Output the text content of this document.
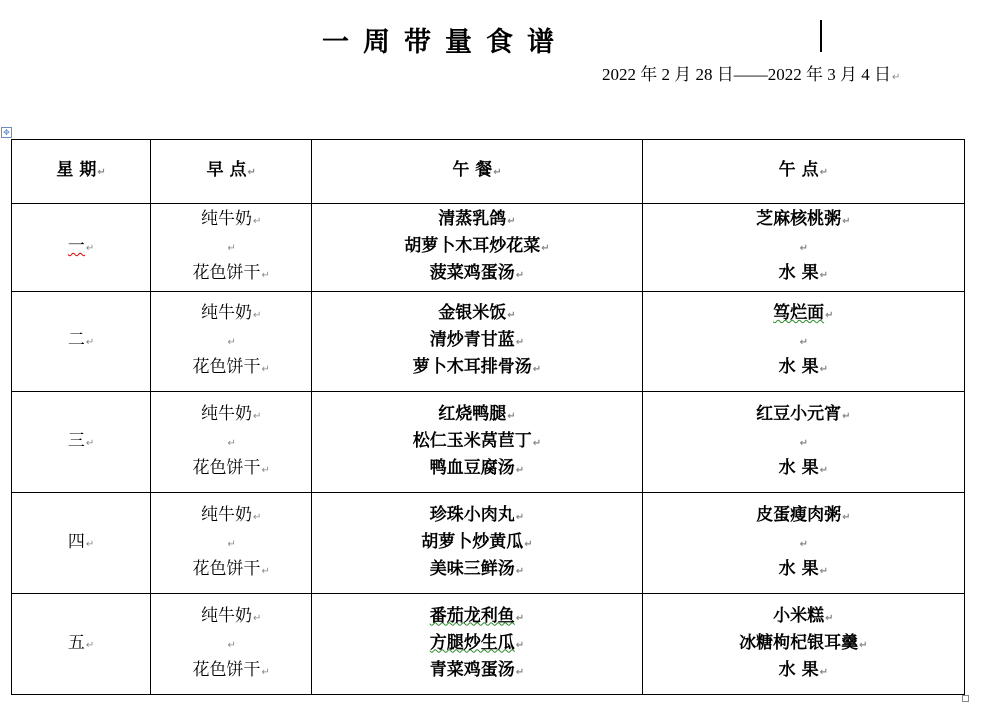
一周带量食谱
2022 年 2 月 28 日——2022 年 3 月 4 日↵
✥
星 期↵	早 点↵	午 餐↵	午 点↵
一↵	纯牛奶↵
↵
花色饼干↵	清蒸乳鸽↵
胡萝卜木耳炒花菜↵
菠菜鸡蛋汤↵	芝麻核桃粥↵
↵
水 果↵

二↵	纯牛奶↵
↵
花色饼干↵	金银米饭↵
清炒青甘蓝↵
萝卜木耳排骨汤↵	笃烂面↵
↵
水 果↵

三↵	纯牛奶↵
↵
花色饼干↵	红烧鸭腿↵
松仁玉米莴苣丁↵
鸭血豆腐汤↵	红豆小元宵↵
↵
水 果↵

四↵	纯牛奶↵
↵
花色饼干↵	珍珠小肉丸↵
胡萝卜炒黄瓜↵
美味三鲜汤↵	皮蛋瘦肉粥↵
↵
水 果↵

五↵	纯牛奶↵
↵
花色饼干↵	番茄龙利鱼↵
方腿炒生瓜↵
青菜鸡蛋汤↵	小米糕↵
冰糖枸杞银耳羹↵
水 果↵
